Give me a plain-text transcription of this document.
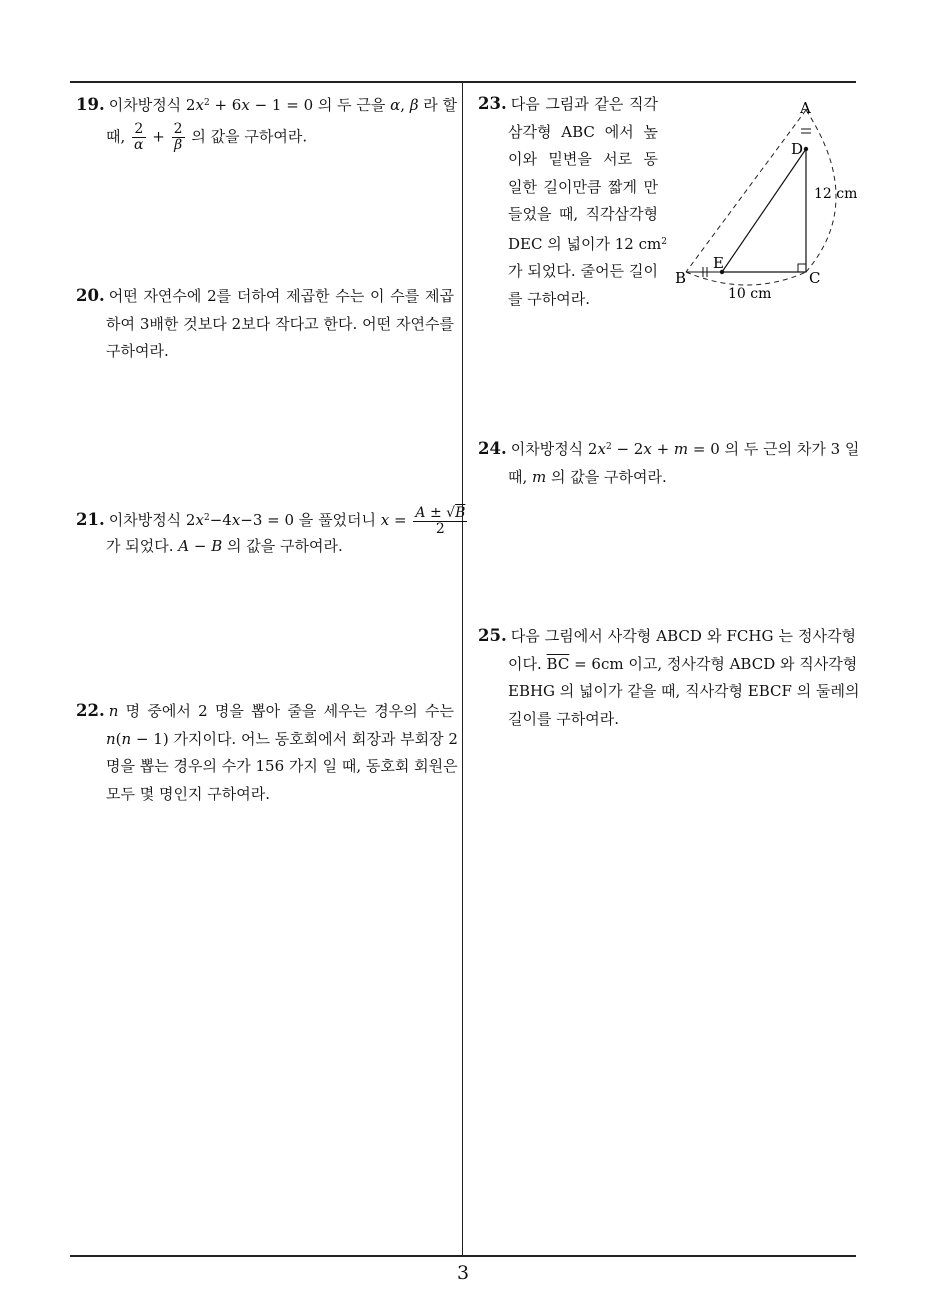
19. 이차방정식 $2x^2 + 6x - 1 = 0$ 의 두 근을 α, β 라 할
때, $\frac{2}{\alpha} + \frac{2}{\beta}$ 의 값을 구하여라.
20. 어떤 자연수에 2를 더하여 제곱한 수는 이 수를 제곱
하여 3배한 것보다 2보다 작다고 한다. 어떤 자연수를
구하여라.
21. 이차방정식 $2x^2-4x-3 = 0$ 을 풀었더니 $x = \frac{A \pm √B}{2}$
가 되었다. A − B 의 값을 구하여라.
22. n 명 중에서 2 명을 뽑아 줄을 세우는 경우의 수는
n(n − 1) 가지이다. 어느 동호회에서 회장과 부회장 2
명을 뽑는 경우의 수가 156 가지 일 때, 동호회 회원은
모두 몇 명인지 구하여라.
23. 다음 그림과 같은 직각
삼각형 ABC 에서 높
이와 밑변을 서로 동
일한 길이만큼 짧게 만
들었을 때, 직각삼각형
DEC 의 넓이가 12 $cm^2$
가 되었다. 줄어든 길이
를 구하여라.
A
D
E
B	C
12 cm
10 cm
24. 이차방정식 $2x^2 - 2x + m = 0$ 의 두 근의 차가 3 일
때, m 의 값을 구하여라.
25. 다음 그림에서 사각형 ABCD 와 FCHG 는 정사각형
이다. $\overline{BC} = 6cm$ 이고, 정사각형 ABCD 와 직사각형
EBHG 의 넓이가 같을 때, 직사각형 EBCF 의 둘레의
길이를 구하여라.
3
